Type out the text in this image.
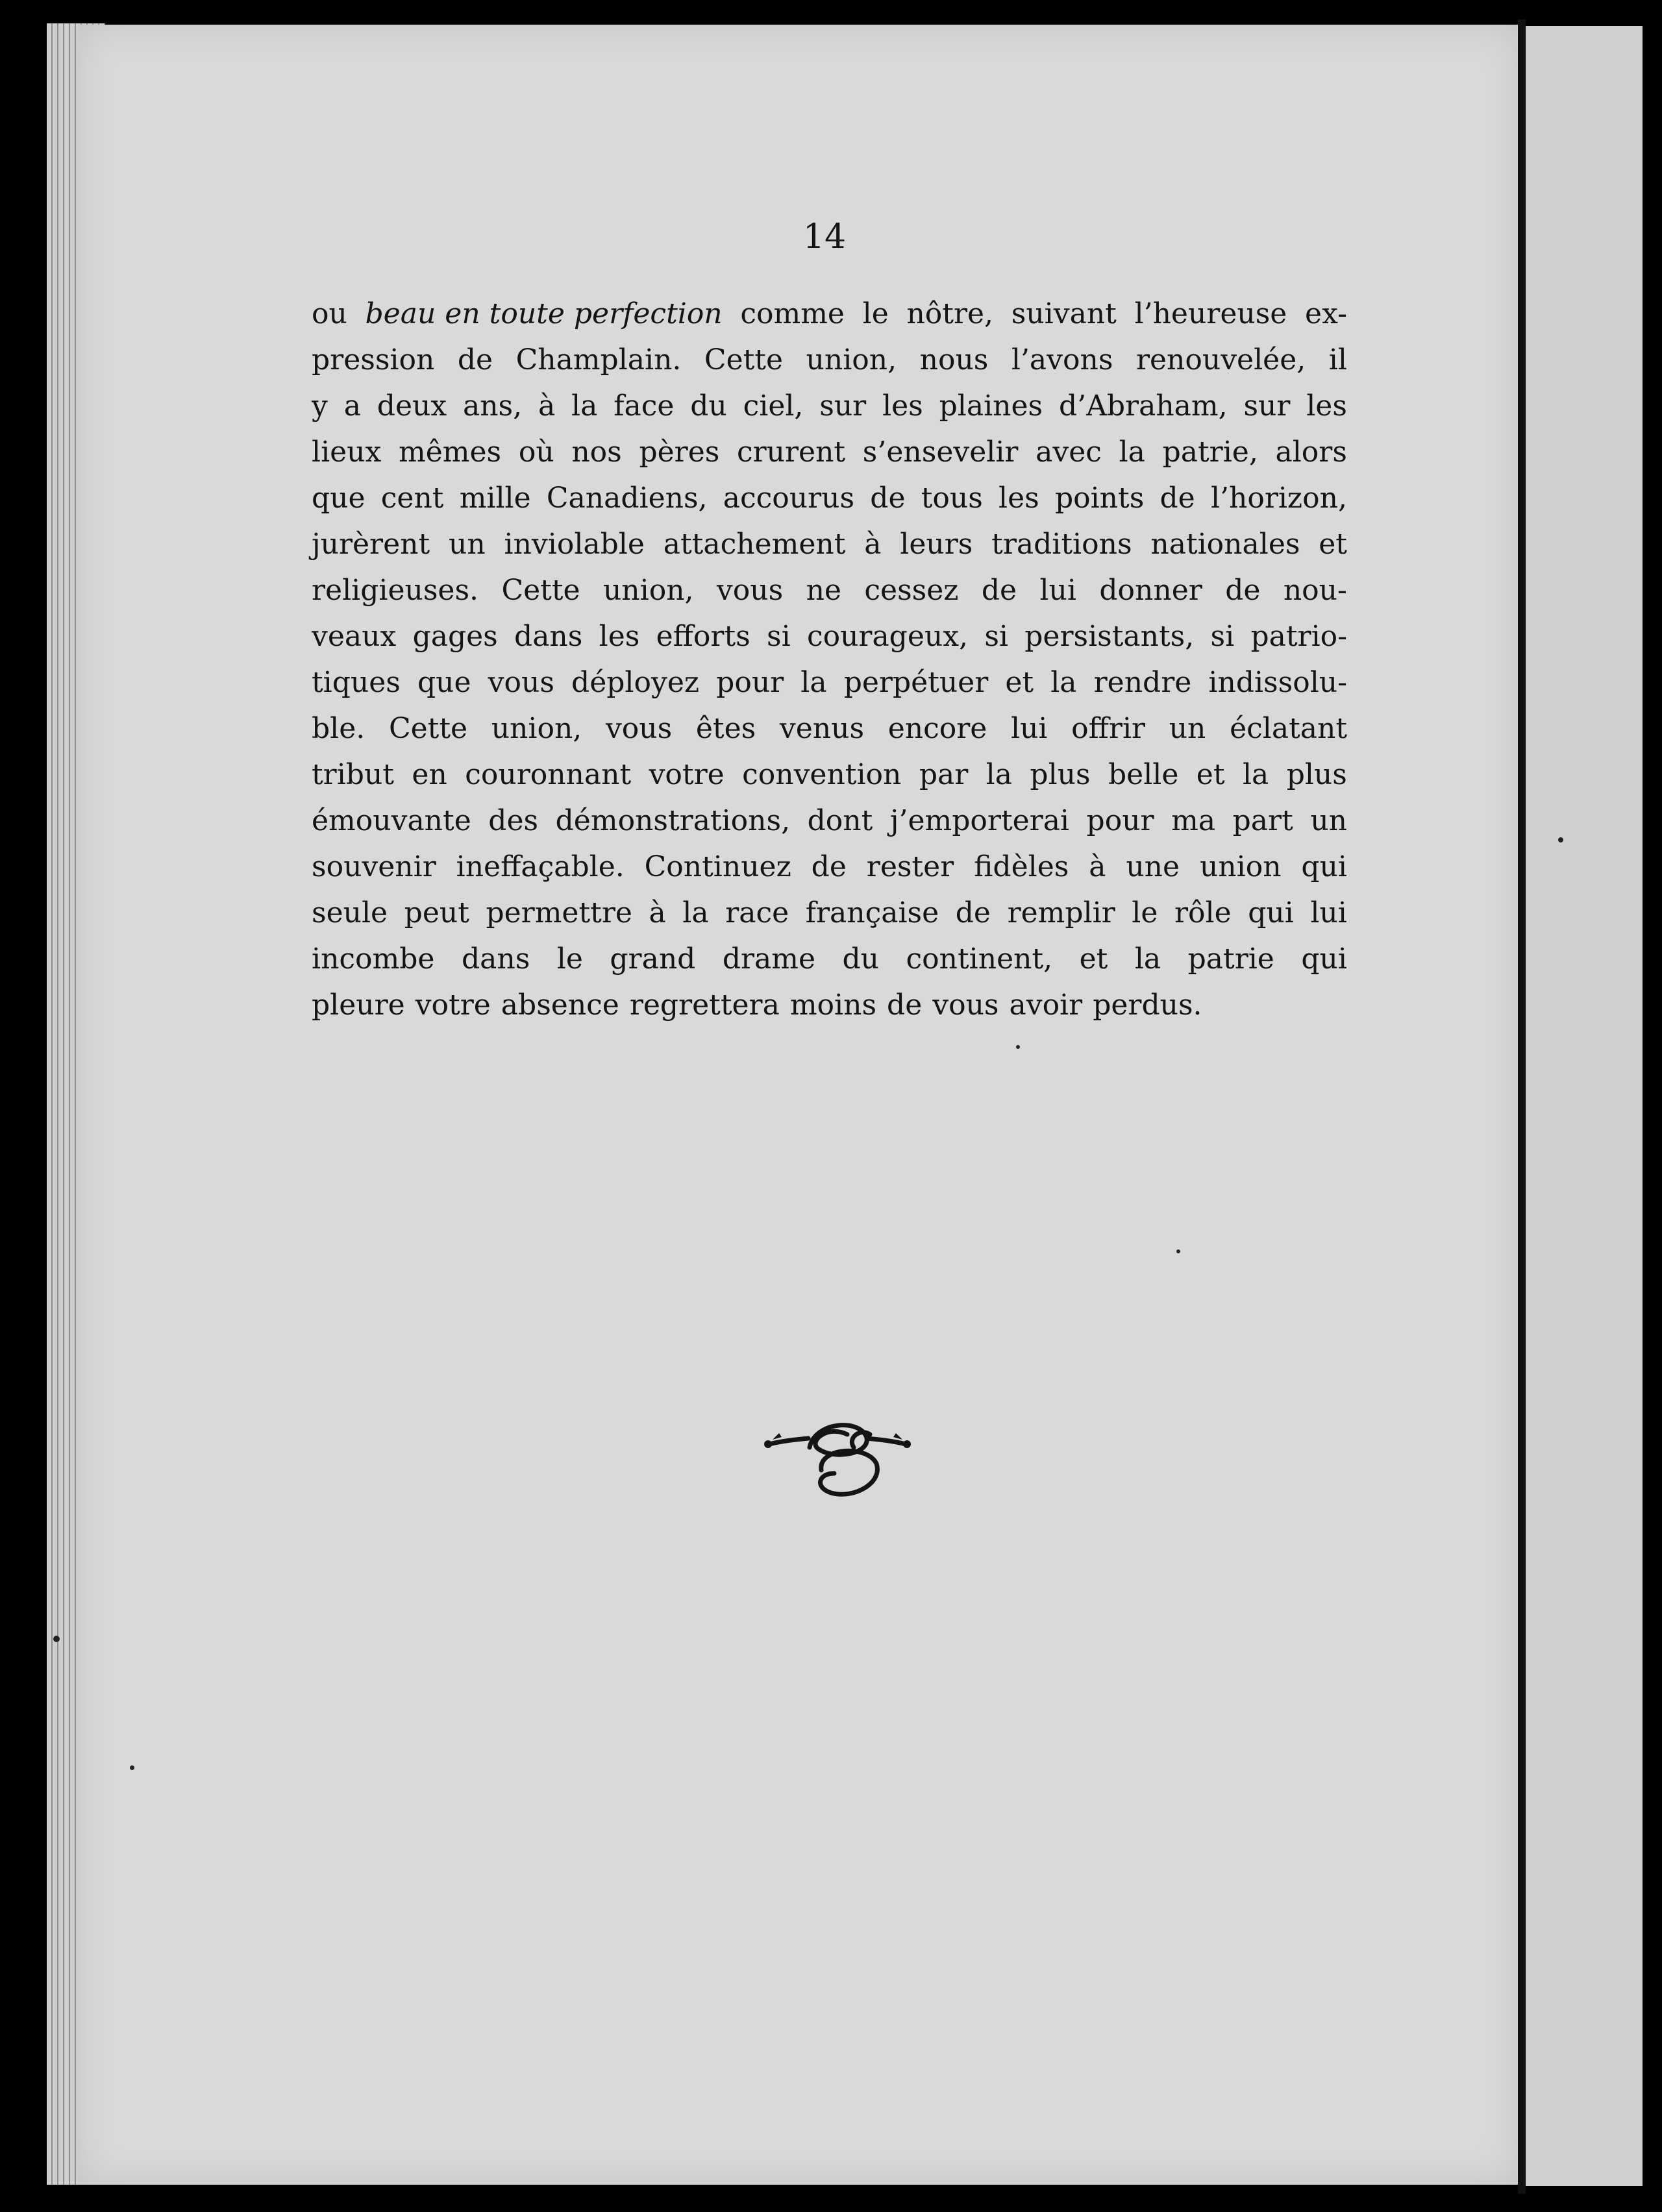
14
ou beau en toute perfection comme le nôtre, suivant l’heureuse ex-
pression de Champlain. Cette union, nous l’avons renouvelée, il
y a deux ans, à la face du ciel, sur les plaines d’Abraham, sur les
lieux mêmes où nos pères crurent s’ensevelir avec la patrie, alors
que cent mille Canadiens, accourus de tous les points de l’horizon,
jurèrent un inviolable attachement à leurs traditions nationales et
religieuses. Cette union, vous ne cessez de lui donner de nou-
veaux gages dans les efforts si courageux, si persistants, si patrio-
tiques que vous déployez pour la perpétuer et la rendre indissolu-
ble. Cette union, vous êtes venus encore lui offrir un éclatant
tribut en couronnant votre convention par la plus belle et la plus
émouvante des démonstrations, dont j’emporterai pour ma part un
souvenir ineffaçable. Continuez de rester fidèles à une union qui
seule peut permettre à la race française de remplir le rôle qui lui
incombe dans le grand drame du continent, et la patrie qui
pleure votre absence regrettera moins de vous avoir perdus.
